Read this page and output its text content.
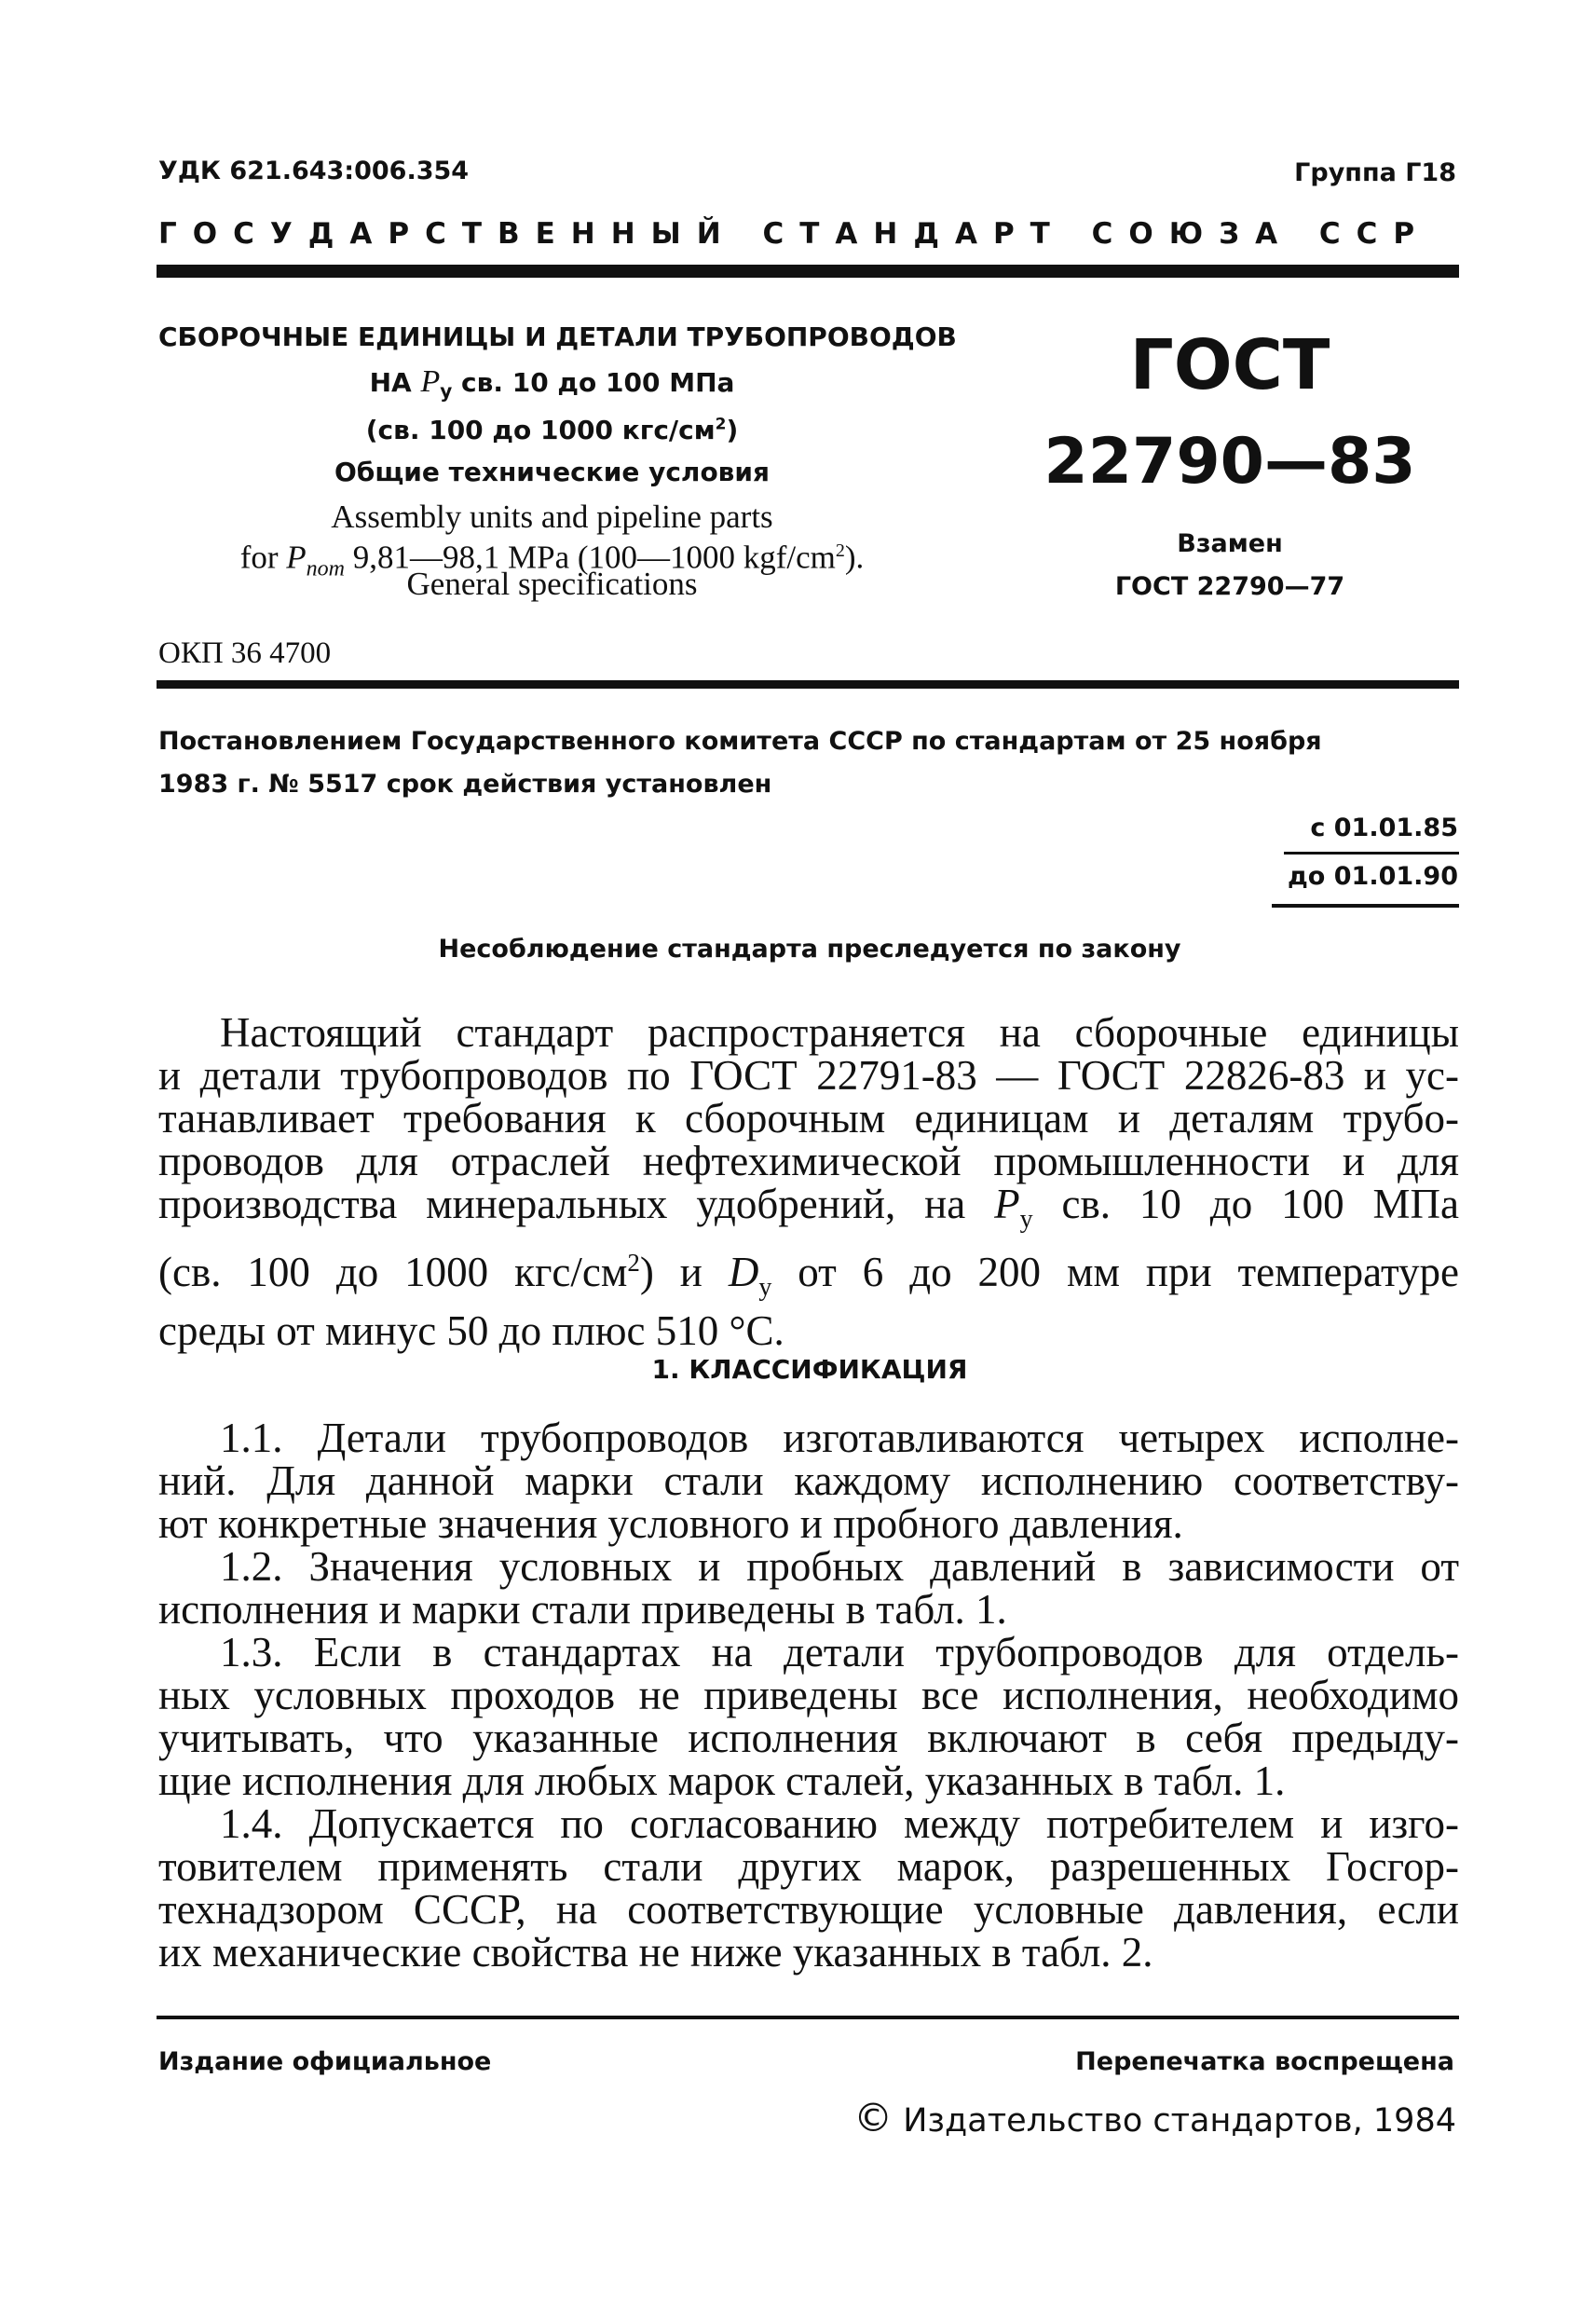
УДК 621.643:006.354	Группа Г18
ГОСУДАРСТВЕННЫЙ СТАНДАРТ СОЮЗА ССР
СБОРОЧНЫЕ ЕДИНИЦЫ И ДЕТАЛИ ТРУБОПРОВОДОВ
НА $P_у$ св. 10 до 100 МПа
(св. 100 до 1000 кгс/$см^2$)
Общие технические условия
Assembly units and pipeline parts
for $P_{nom}$ 9,81—98,1 MPa (100—1000 kgf/$cm^2$).
General specifications
ГОСТ
22790—83
Взамен
ГОСТ 22790—77
ОКП 36 4700
Постановлением Государственного комитета СССР по стандартам от 25 ноября
1983 г. № 5517 срок действия установлен
с 01.01.85
до 01.01.90
Несоблюдение стандарта преследуется по закону
Настоящий стандарт распространяется на сборочные единицы
и детали трубопроводов по ГОСТ 22791-83 — ГОСТ 22826-83 и ус-
танавливает требования к сборочным единицам и деталям трубо-
проводов для отраслей нефтехимической промышленности и для
производства минеральных удобрений, на $P_у$ св. 10 до 100 МПа
(св. 100 до 1000 кгс/$см^2$) и $D_у$ от 6 до 200 мм при температуре
среды от минус 50 до плюс 510 °С.
1. КЛАССИФИКАЦИЯ

1.1. Детали трубопроводов изготавливаются четырех исполне-
ний. Для данной марки стали каждому исполнению соответству-
ют конкретные значения условного и пробного давления.

1.2. Значения условных и пробных давлений в зависимости от
исполнения и марки стали приведены в табл. 1.

1.3. Если в стандартах на детали трубопроводов для отдель-
ных условных проходов не приведены все исполнения, необходимо
учитывать, что указанные исполнения включают в себя предыду-
щие исполнения для любых марок сталей, указанных в табл. 1.

1.4. Допускается по согласованию между потребителем и изго-
товителем применять стали других марок, разрешенных Госгор-
технадзором СССР, на соответствующие условные давления, если
их механические свойства не ниже указанных в табл. 2.

Издание официальное	Перепечатка воспрещена
© Издательство стандартов, 1984
